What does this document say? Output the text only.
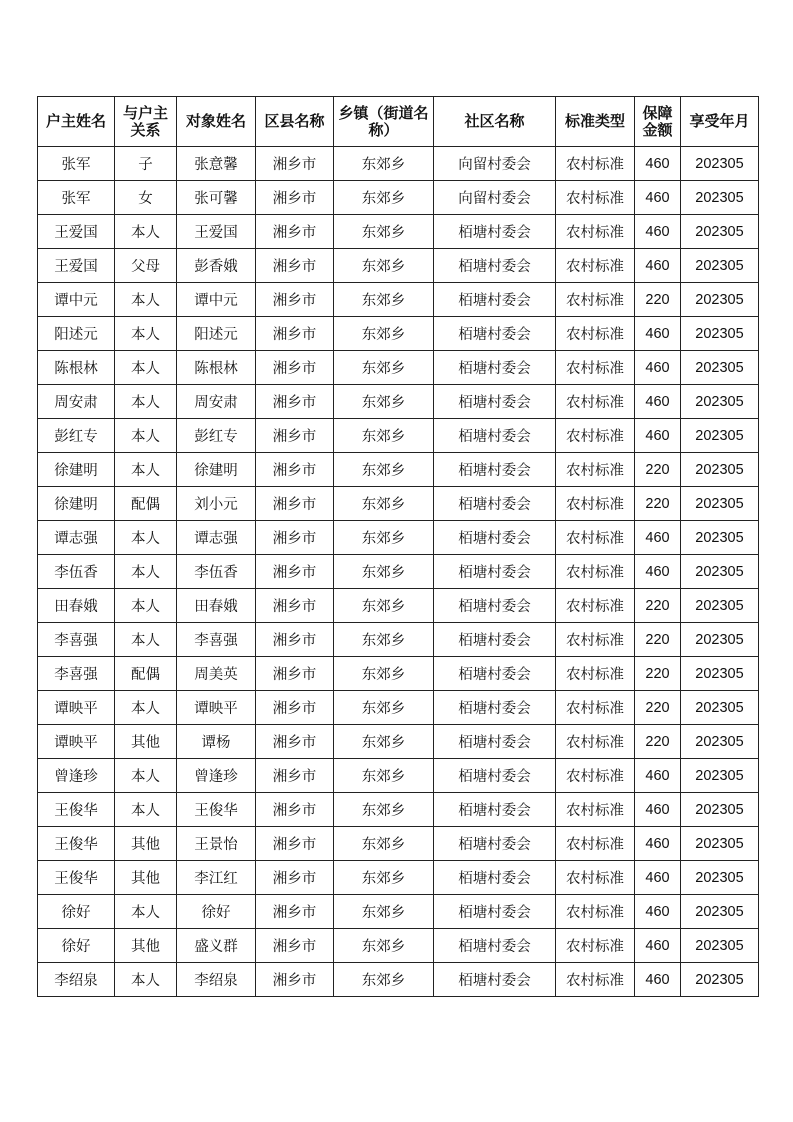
户主姓名	与户主关系	对象姓名	区县名称	乡镇（街道名称）	社区名称	标准类型	保障金额	享受年月
张军	子	张意馨	湘乡市	东郊乡	向留村委会	农村标准	460	202305
张军	女	张可馨	湘乡市	东郊乡	向留村委会	农村标准	460	202305
王爱国	本人	王爱国	湘乡市	东郊乡	栢塘村委会	农村标准	460	202305
王爱国	父母	彭香娥	湘乡市	东郊乡	栢塘村委会	农村标准	460	202305
谭中元	本人	谭中元	湘乡市	东郊乡	栢塘村委会	农村标准	220	202305
阳述元	本人	阳述元	湘乡市	东郊乡	栢塘村委会	农村标准	460	202305
陈根林	本人	陈根林	湘乡市	东郊乡	栢塘村委会	农村标准	460	202305
周安肃	本人	周安肃	湘乡市	东郊乡	栢塘村委会	农村标准	460	202305
彭红专	本人	彭红专	湘乡市	东郊乡	栢塘村委会	农村标准	460	202305
徐建明	本人	徐建明	湘乡市	东郊乡	栢塘村委会	农村标准	220	202305
徐建明	配偶	刘小元	湘乡市	东郊乡	栢塘村委会	农村标准	220	202305
谭志强	本人	谭志强	湘乡市	东郊乡	栢塘村委会	农村标准	460	202305
李伍香	本人	李伍香	湘乡市	东郊乡	栢塘村委会	农村标准	460	202305
田春娥	本人	田春娥	湘乡市	东郊乡	栢塘村委会	农村标准	220	202305
李喜强	本人	李喜强	湘乡市	东郊乡	栢塘村委会	农村标准	220	202305
李喜强	配偶	周美英	湘乡市	东郊乡	栢塘村委会	农村标准	220	202305
谭映平	本人	谭映平	湘乡市	东郊乡	栢塘村委会	农村标准	220	202305
谭映平	其他	谭杨	湘乡市	东郊乡	栢塘村委会	农村标准	220	202305
曾逢珍	本人	曾逢珍	湘乡市	东郊乡	栢塘村委会	农村标准	460	202305
王俊华	本人	王俊华	湘乡市	东郊乡	栢塘村委会	农村标准	460	202305
王俊华	其他	王景怡	湘乡市	东郊乡	栢塘村委会	农村标准	460	202305
王俊华	其他	李江红	湘乡市	东郊乡	栢塘村委会	农村标准	460	202305
徐好	本人	徐好	湘乡市	东郊乡	栢塘村委会	农村标准	460	202305
徐好	其他	盛义群	湘乡市	东郊乡	栢塘村委会	农村标准	460	202305
李绍泉	本人	李绍泉	湘乡市	东郊乡	栢塘村委会	农村标准	460	202305
